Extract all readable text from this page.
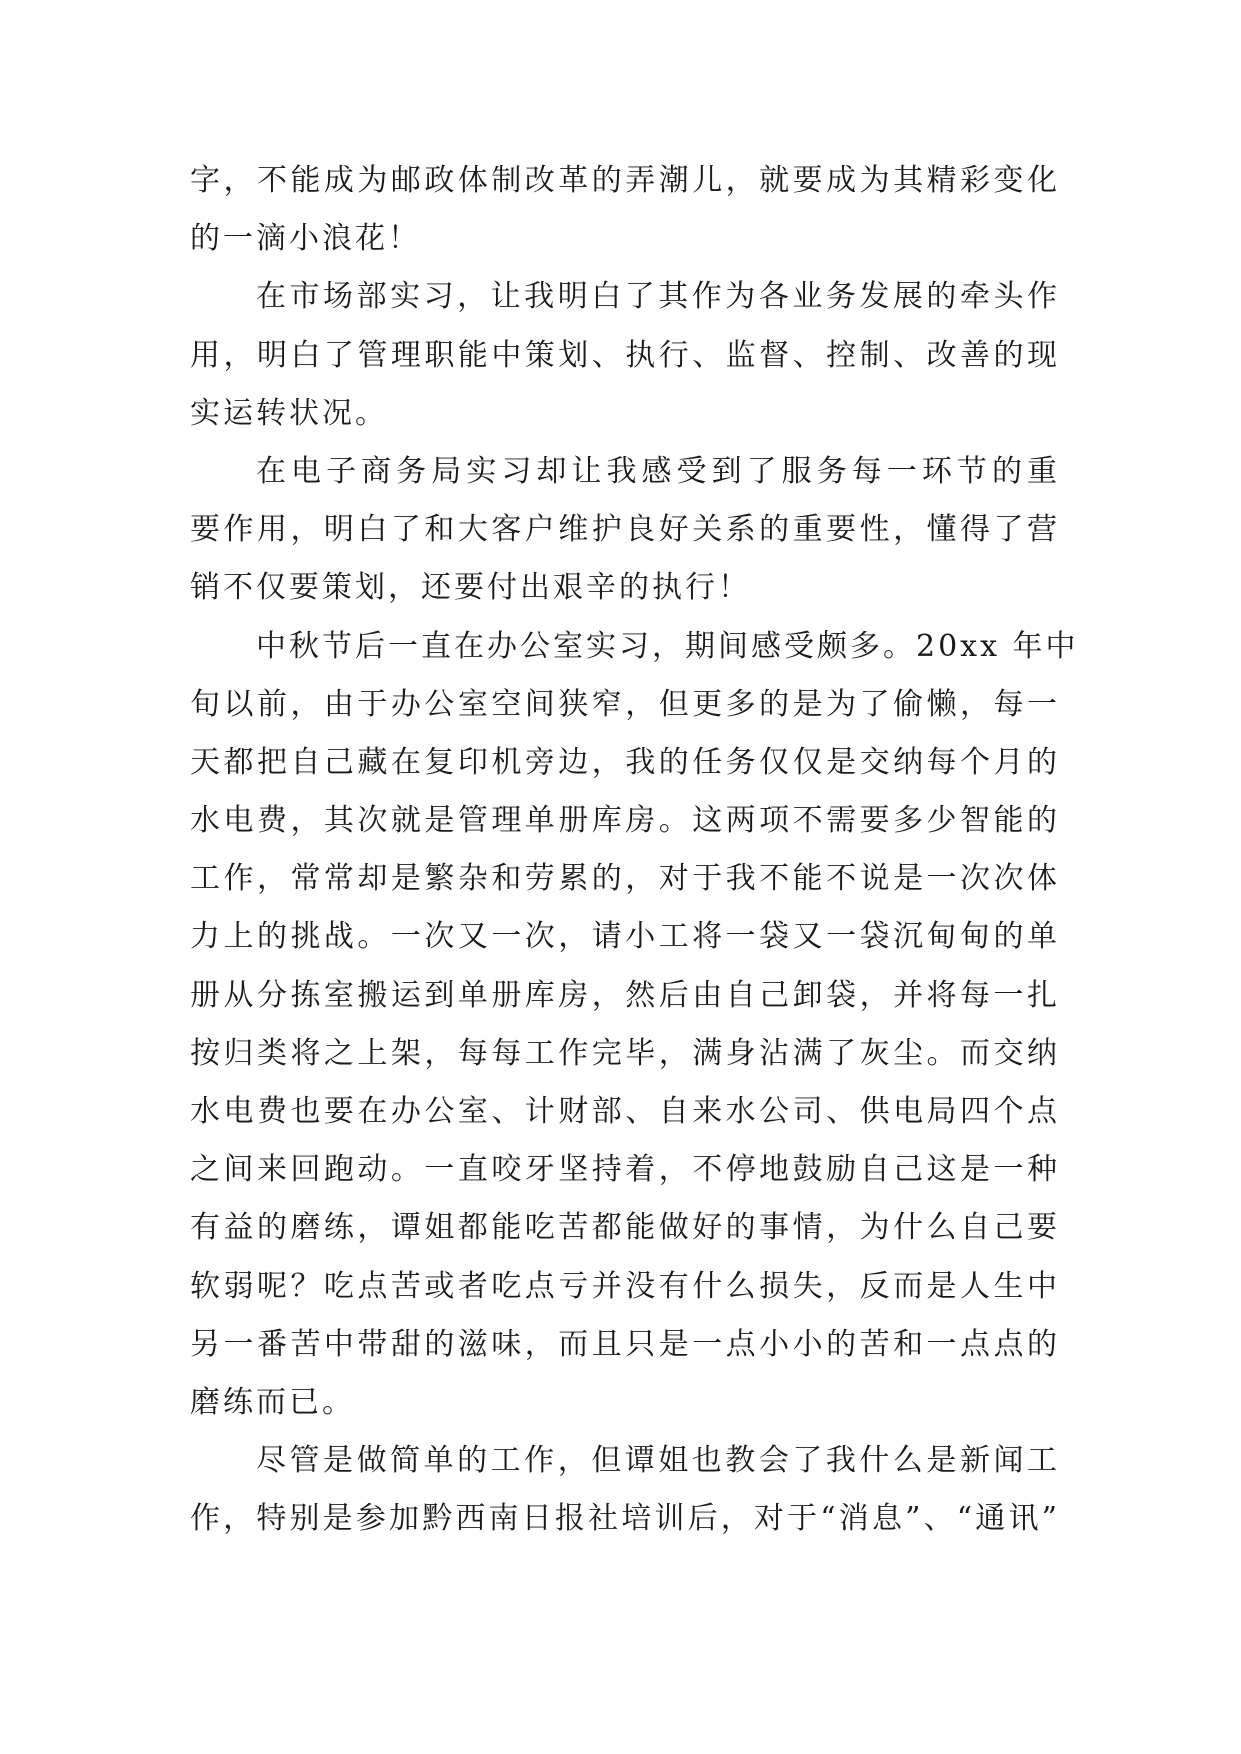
字，不能成为邮政体制改革的弄潮儿，就要成为其精彩变化
的一滴小浪花！
在市场部实习，让我明白了其作为各业务发展的牵头作
用，明白了管理职能中策划、执行、监督、控制、改善的现
实运转状况。
在电子商务局实习却让我感受到了服务每一环节的重
要作用，明白了和大客户维护良好关系的重要性，懂得了营
销不仅要策划，还要付出艰辛的执行！
中秋节后一直在办公室实习，期间感受颇多。20xx 年中
旬以前，由于办公室空间狭窄，但更多的是为了偷懒，每一
天都把自己藏在复印机旁边，我的任务仅仅是交纳每个月的
水电费，其次就是管理单册库房。这两项不需要多少智能的
工作，常常却是繁杂和劳累的，对于我不能不说是一次次体
力上的挑战。一次又一次，请小工将一袋又一袋沉甸甸的单
册从分拣室搬运到单册库房，然后由自己卸袋，并将每一扎
按归类将之上架，每每工作完毕，满身沾满了灰尘。而交纳
水电费也要在办公室、计财部、自来水公司、供电局四个点
之间来回跑动。一直咬牙坚持着，不停地鼓励自己这是一种
有益的磨练，谭姐都能吃苦都能做好的事情，为什么自己要
软弱呢？吃点苦或者吃点亏并没有什么损失，反而是人生中
另一番苦中带甜的滋味，而且只是一点小小的苦和一点点的
磨练而已。
尽管是做简单的工作，但谭姐也教会了我什么是新闻工
作，特别是参加黔西南日报社培训后，对于“消息”、“通讯”
